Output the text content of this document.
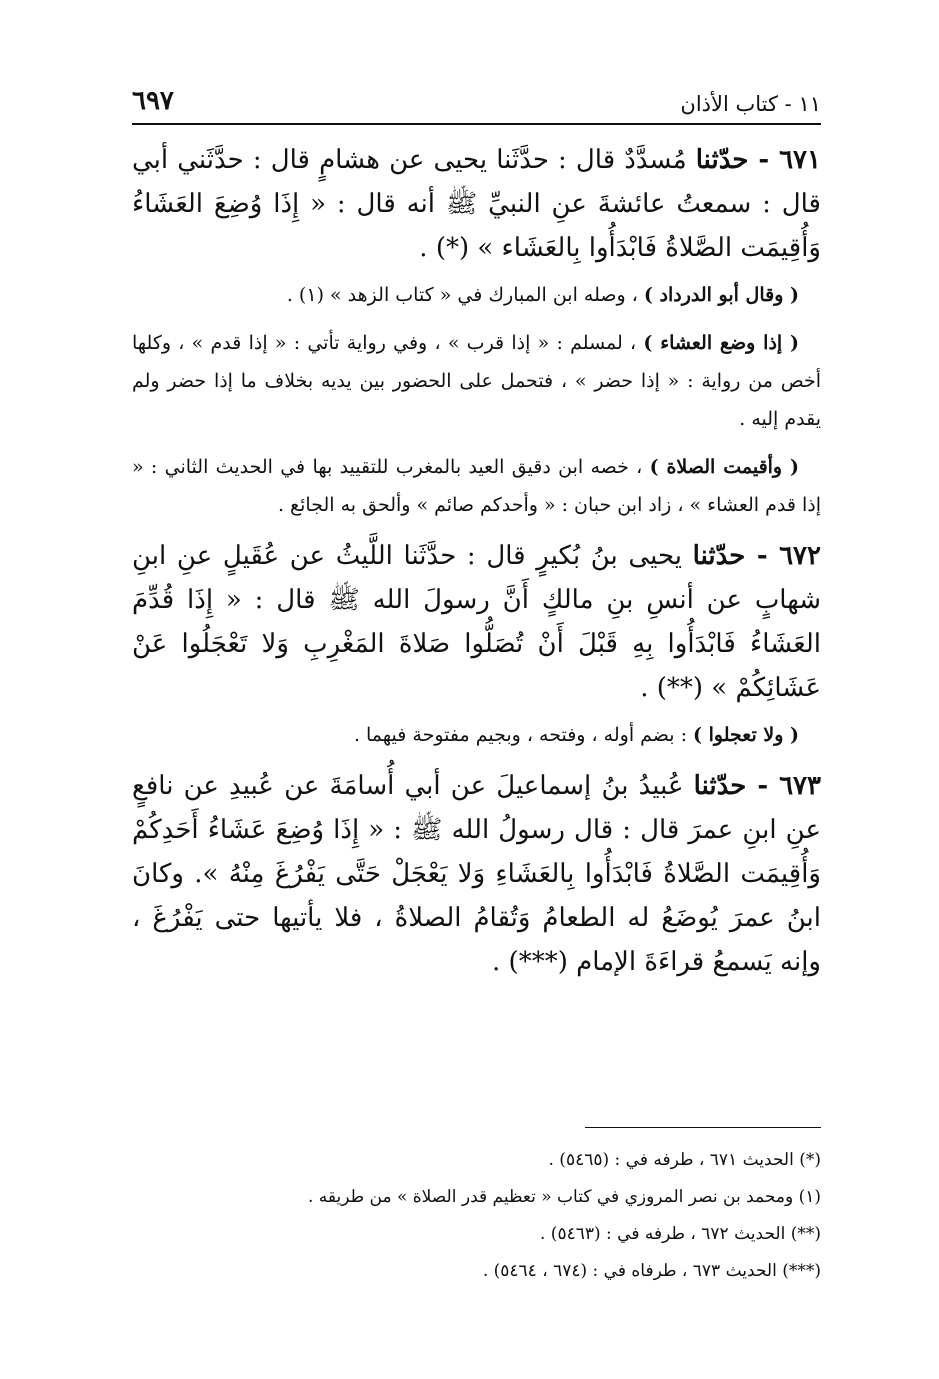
١١ - كتاب الأذان
٦٩٧

٦٧١ - حدّثنا مُسدَّدٌ قال : حدَّثَنا يحيى عن هشامٍ قال : حدَّثَني أبي قال : سمعتُ عائشةَ عنِ النبيِّ ﷺ أنه قال : « إِذَا وُضِعَ العَشَاءُ وَأُقِيمَت الصَّلاةُ فَابْدَأُوا بِالعَشَاء » (*) .

( وقال أبو الدرداد ) ، وصله ابن المبارك في « كتاب الزهد » (١) .

( إذا وضع العشاء ) ، لمسلم : « إذا قرب » ، وفي رواية تأتي : « إذا قدم » ، وكلها أخص من رواية : « إذا حضر » ، فتحمل على الحضور بين يديه بخلاف ما إذا حضر ولم يقدم إليه .

( وأقيمت الصلاة ) ، خصه ابن دقيق العيد بالمغرب للتقييد بها في الحديث الثاني : « إذا قدم العشاء » ، زاد ابن حبان : « وأحدكم صائم » وألحق به الجائع .

٦٧٢ - حدّثنا يحيى بنُ بُكيرٍ قال : حدَّثَنا اللَّيثُ عن عُقَيلٍ عنِ ابنِ شهابٍ عن أنسِ بنِ مالكٍ أَنَّ رسولَ الله ﷺ قال : « إِذَا قُدِّمَ العَشَاءُ فَابْدَأُوا بِهِ قَبْلَ أَنْ تُصَلُّوا صَلاةَ المَغْرِبِ وَلا تَعْجَلُوا عَنْ عَشَائِكُمْ » (**) .

( ولا تعجلوا ) : بضم أوله ، وفتحه ، وبجيم مفتوحة فيهما .

٦٧٣ - حدّثنا عُبيدُ بنُ إسماعيلَ عن أبي أُسامَةَ عن عُبيدِ عن نافعٍ عنِ ابنِ عمرَ قال : قال رسولُ الله ﷺ : « إِذَا وُضِعَ عَشَاءُ أَحَدِكُمْ وَأُقِيمَت الصَّلاةُ فَابْدَأُوا بِالعَشَاءِ وَلا يَعْجَلْ حَتَّى يَفْرُغَ مِنْهُ ». وكانَ ابنُ عمرَ يُوضَعُ له الطعامُ وَتُقامُ الصلاةُ ، فلا يأتيها حتى يَفْرُغَ ، وإنه يَسمعُ قراءَةَ الإمام (***) .

(*) الحديث ٦٧١ ، طرفه في : (٥٤٦٥) .

(١) ومحمد بن نصر المروزي في كتاب « تعظيم قدر الصلاة » من طريقه .

(**) الحديث ٦٧٢ ، طرفه في : (٥٤٦٣) .

(***) الحديث ٦٧٣ ، طرفاه في : (٦٧٤ ، ٥٤٦٤) .
